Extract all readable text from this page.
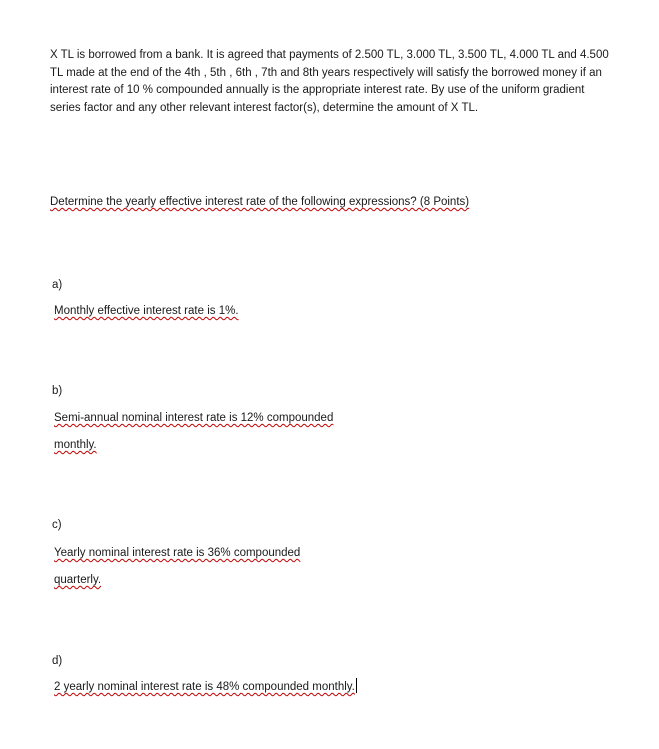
X TL is borrowed from a bank. It is agreed that payments of 2.500 TL, 3.000 TL, 3.500 TL, 4.000 TL and 4.500 TL made at the end of the 4th , 5th , 6th , 7th and 8th years respectively will satisfy the borrowed money if an interest rate of 10 % compounded annually is the appropriate interest rate. By use of the uniform gradient series factor and any other relevant interest factor(s), determine the amount of X TL.

Determine the yearly effective interest rate of the following expressions? (8 Points)

a)

Monthly effective interest rate is 1%.

b)

Semi-annual nominal interest rate is 12% compounded monthly.

c)

Yearly nominal interest rate is 36% compounded quarterly.

d)

2 yearly nominal interest rate is 48% compounded monthly.
